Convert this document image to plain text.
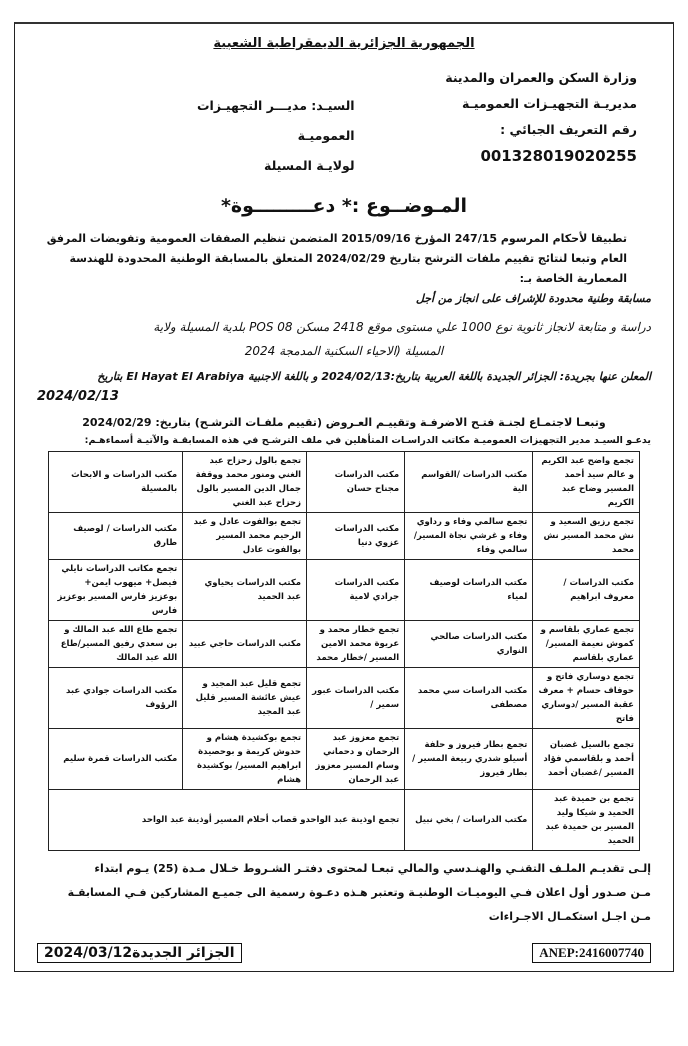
الجمهورية الجزائرية الديمقراطية الشعبية
وزارة السكن والعمران والمدينة
مديريـة التجهيـزات العموميـة
رقم التعريف الجبائي : 001328019020255
السيـد: مديـــر التجهيـزات العموميـة
لولايـة المسيلة
المـوضــوع :* دعـــــــــوة*
تطبيقا لأحكام المرسوم 247/15 المؤرخ 2015/09/16 المتضمن تنظيم الصفقات العمومية وتفويضات المرفق العام وتبعا لنتائج تقييم ملفات الترشح بتاريخ 2024/02/29 المتعلق بالمسابقة الوطنية المحدودة للهندسة المعمارية الخاصة بـ:
مسابقة وطنية محدودة للإشراف على انجاز من أجل
دراسة و متابعة لانجاز ثانوية نوع 1000 علي مستوى موقع 2418 مسكن POS 08 بلدية المسيلة ولاية
المسيلة (الاحياء السكنية المدمجة 2024
المعلن عنها بجريدة: الجزائر الجديدة باللغة العربية بتاريخ:2024/02/13 و باللغة الاجنبية El Hayat El Arabiya بتاريخ
2024/02/13
وتبعـا لاجتمـاع لجنـة فتـح الاضرفـة وتقييـم العـروض (تقييم ملفـات الترشـح) بتاريخ: 2024/02/29
يدعـو السيـد مدير التجهيزات العموميـة مكاتب الدراسـات المتأهلين في ملف الترشـح في هذه المسابقـة والآتيـة أسماءهـم:
تجمع واضح عبد الكريم و عالم سيد أحمد المسير وضاح عبد الكريم	مكتب الدراسات /القواسم الية	مكتب الدراسات مجناح حسان	تجمع بالول زحزاح عبد الغني ومنور محمد ووقفة جمال الدين المسير بالول زحزاح عبد الغني	مكتب الدراسات و الابحاث بالمسيلة
تجمع رزيق السعيد و نش محمد المسير نش محمد	تجمع سالمي وفاء و رداوي وفاء و غرشي نجاة المسير/ سالمي وفاء	مكتب الدراسات عزوي دنيا	تجمع بوالفوت عادل و عبد الرحيم محمد المسير بوالفوت عادل	مكتب الدراسات / لوصيف طارق
مكتب الدراسات / معروف ابراهيم	مكتب الدراسات لوصيف لمياء	مكتب الدراسات جرادي لامية	مكتب الدراسات يحياوي عبد الحميد	تجمع مكاتب الدراسات نايلي فيصل+ ميهوب ايمن+ بوعزيز فارس المسير بوعزيز فارس
تجمع عماري بلقاسم و كموش نعيمة المسير/ عماري بلقاسم	مكتب الدراسات صالحي النواري	تجمع خطار محمد و عريوة محمد الامين المسير /خطار محمد	مكتب الدراسات حاجي عبيد	تجمع طاع الله عبد المالك و بن سعدي رفيق المسير/طاع الله عبد المالك
تجمع دوساري فاتح و حوفاف حسام + معرف عقبة المسير /دوساري فاتح	مكتب الدراسات سي محمد مصطفى	مكتب الدراسات عبور سمير /	تجمع قليل عبد المجيد و عيش عائشة المسير قليل عبد المجيد	مكتب الدراسات جوادي عبد الرؤوف
تجمع بالسيل غضبان أحمد و بلقاسمي فؤاد المسير /غضبان أحمد	تجمع بطار فيروز و حلفة أسيلو شدري ربيعة المسير / بطار فيروز	تجمع معزوز عبد الرحمان و دحماني وسام المسير معزوز عبد الرحمان	تجمع بوكشيدة هشام و حدوش كريمة و بوحصيدة ابراهيم المسير/ بوكشيدة هشام	مكتب الدراسات قمرة سليم
تجمع بن حميدة عبد الحميد و شيكا وليد المسير بن حميدة عبد الحميد	مكتب الدراسات / بخي نبيل	تجمع اوذينة عبد الواحدو قصاب أحلام المسير أوذينة عبد الواحد		
إلـى تقديـم الملـف التقنـي والهنـدسي والمالي تبعـا لمحتوى دفتـر الشـروط خـلال مـدة (25) يـوم ابتداء
مـن صـدور أول اعلان فـي اليوميـات الوطنيـة وتعتبر هـذه دعـوة رسمية الى جميـع المشاركين فـي المسابقـة
مـن اجـل استكمـال الاجـراءات
الجزائر الجديدة2024/03/12	ANEP:2416007740
